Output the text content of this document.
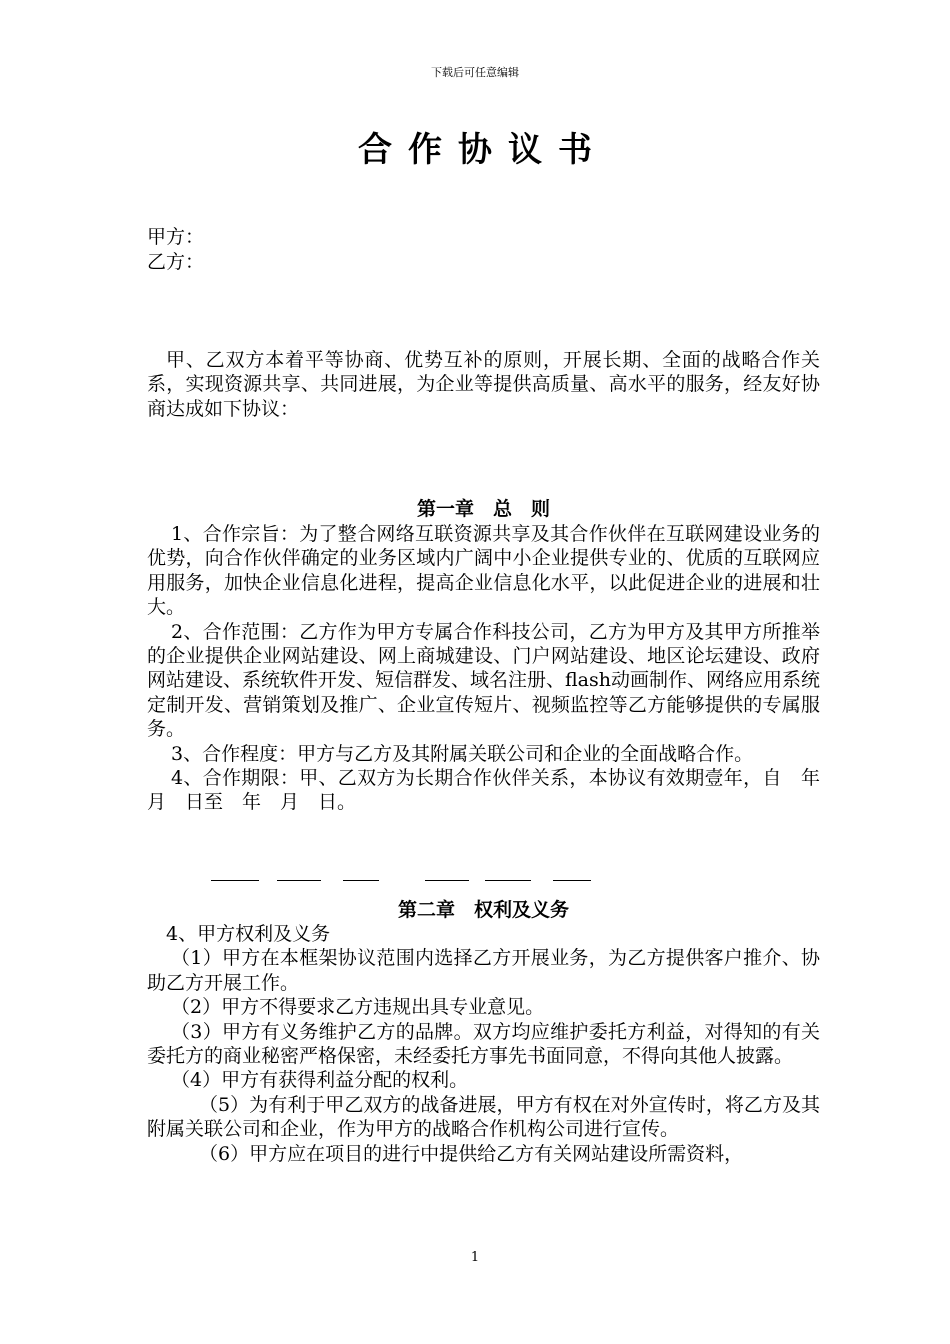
下载后可任意编辑
合作协议书
甲方：
乙方：

甲、乙双方本着平等协商、优势互补的原则，开展长期、全面的战略合作关系，实现资源共享、共同进展，为企业等提供高质量、高水平的服务，经友好协商达成如下协议：

第一章　总　则

1、合作宗旨：为了整合网络互联资源共享及其合作伙伴在互联网建设业务的优势，向合作伙伴确定的业务区域内广阔中小企业提供专业的、优质的互联网应用服务，加快企业信息化进程，提高企业信息化水平，以此促进企业的进展和壮大。

2、合作范围：乙方作为甲方专属合作科技公司，乙方为甲方及其甲方所推举的企业提供企业网站建设、网上商城建设、门户网站建设、地区论坛建设、政府网站建设、系统软件开发、短信群发、域名注册、flash动画制作、网络应用系统定制开发、营销策划及推广、企业宣传短片、视频监控等乙方能够提供的专属服务。

3、合作程度：甲方与乙方及其附属关联公司和企业的全面战略合作。

4、合作期限：甲、乙双方为长期合作伙伴关系，本协议有效期壹年，自　年　月　日至　年　月　日。

第二章　权利及义务

4、甲方权利及义务

（1）甲方在本框架协议范围内选择乙方开展业务，为乙方提供客户推介、协助乙方开展工作。

（2）甲方不得要求乙方违规出具专业意见。

（3）甲方有义务维护乙方的品牌。双方均应维护委托方利益，对得知的有关委托方的商业秘密严格保密，未经委托方事先书面同意，不得向其他人披露。

（4）甲方有获得利益分配的权利。

（5）为有利于甲乙双方的战备进展，甲方有权在对外宣传时，将乙方及其附属关联公司和企业，作为甲方的战略合作机构公司进行宣传。

（6）甲方应在项目的进行中提供给乙方有关网站建设所需资料，

1
